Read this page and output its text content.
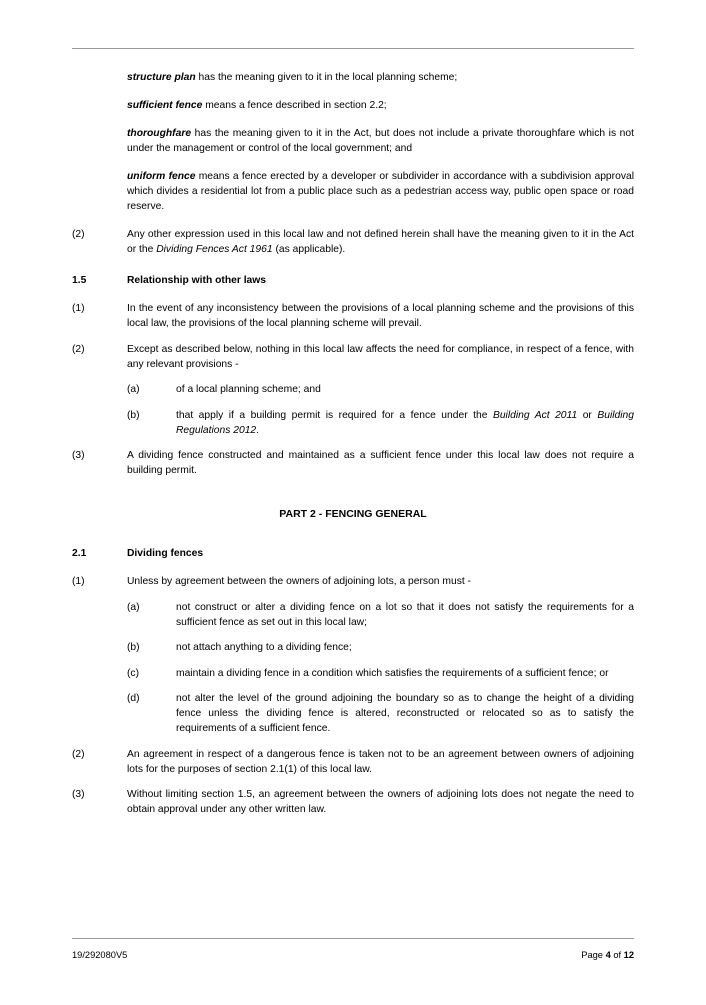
structure plan has the meaning given to it in the local planning scheme;
sufficient fence means a fence described in section 2.2;
thoroughfare has the meaning given to it in the Act, but does not include a private thoroughfare which is not under the management or control of the local government; and
uniform fence means a fence erected by a developer or subdivider in accordance with a subdivision approval which divides a residential lot from a public place such as a pedestrian access way, public open space or road reserve.
(2)	Any other expression used in this local law and not defined herein shall have the meaning given to it in the Act or the Dividing Fences Act 1961 (as applicable).
1.5	Relationship with other laws
(1)	In the event of any inconsistency between the provisions of a local planning scheme and the provisions of this local law, the provisions of the local planning scheme will prevail.
(2)	Except as described below, nothing in this local law affects the need for compliance, in respect of a fence, with any relevant provisions -
(a)	of a local planning scheme; and
(b)	that apply if a building permit is required for a fence under the Building Act 2011 or Building Regulations 2012.
(3)	A dividing fence constructed and maintained as a sufficient fence under this local law does not require a building permit.
PART 2 - FENCING GENERAL
2.1	Dividing fences
(1)	Unless by agreement between the owners of adjoining lots, a person must -
(a)	not construct or alter a dividing fence on a lot so that it does not satisfy the requirements for a sufficient fence as set out in this local law;
(b)	not attach anything to a dividing fence;
(c)	maintain a dividing fence in a condition which satisfies the requirements of a sufficient fence; or
(d)	not alter the level of the ground adjoining the boundary so as to change the height of a dividing fence unless the dividing fence is altered, reconstructed or relocated so as to satisfy the requirements of a sufficient fence.
(2)	An agreement in respect of a dangerous fence is taken not to be an agreement between owners of adjoining lots for the purposes of section 2.1(1) of this local law.
(3)	Without limiting section 1.5, an agreement between the owners of adjoining lots does not negate the need to obtain approval under any other written law.
19/292080V5	Page 4 of 12
